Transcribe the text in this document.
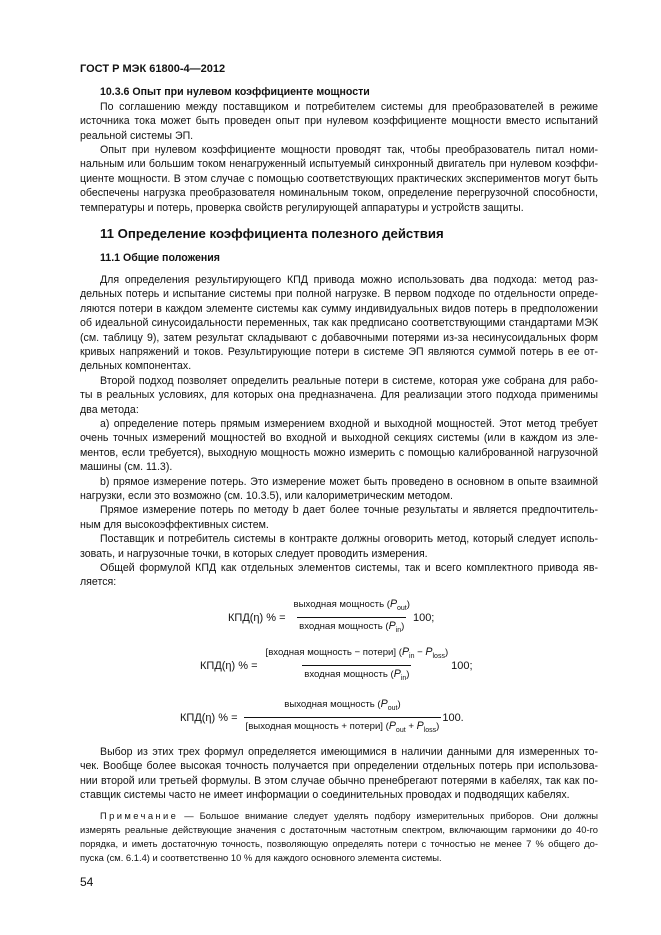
ГОСТ Р МЭК 61800-4—2012
10.3.6 Опыт при нулевом коэффициенте мощности
По соглашению между поставщиком и потребителем системы для преобразователей в режиме
источника тока может быть проведен опыт при нулевом коэффициенте мощности вместо испытаний
реальной системы ЭП.
Опыт при нулевом коэффициенте мощности проводят так, чтобы преобразователь питал номи-
нальным или большим током ненагруженный испытуемый синхронный двигатель при нулевом коэффи-
циенте мощности. В этом случае с помощью соответствующих практических экспериментов могут быть
обеспечены нагрузка преобразователя номинальным током, определение перегрузочной способности,
температуры и потерь, проверка свойств регулирующей аппаратуры и устройств защиты.
11 Определение коэффициента полезного действия
11.1 Общие положения
Для определения результирующего КПД привода можно использовать два подхода: метод раз-
дельных потерь и испытание системы при полной нагрузке. В первом подходе по отдельности опреде-
ляются потери в каждом элементе системы как сумму индивидуальных видов потерь в предположении
об идеальной синусоидальности переменных, так как предписано соответствующими стандартами МЭК
(см. таблицу 9), затем результат складывают с добавочными потерями из-за несинусоидальных форм
кривых напряжений и токов. Результирующие потери в системе ЭП являются суммой потерь в ее от-
дельных компонентах.
Второй подход позволяет определить реальные потери в системе, которая уже собрана для рабо-
ты в реальных условиях, для которых она предназначена. Для реализации этого подхода применимы
два метода:
а) определение потерь прямым измерением входной и выходной мощностей. Этот метод требует
очень точных измерений мощностей во входной и выходной секциях системы (или в каждом из эле-
ментов, если требуется), выходную мощность можно измерить с помощью калиброванной нагрузочной
машины (см. 11.3).
b) прямое измерение потерь. Это измерение может быть проведено в основном в опыте взаимной
нагрузки, если это возможно (см. 10.3.5), или калориметрическим методом.
Прямое измерение потерь по методу b дает более точные результаты и является предпочтитель-
ным для высокоэффективных систем.
Поставщик и потребитель системы в контракте должны оговорить метод, который следует исполь-
зовать, и нагрузочные точки, в которых следует проводить измерения.
Общей формулой КПД как отдельных элементов системы, так и всего комплектного привода яв-
ляется:
КПД(η) % = $\frac{выходная мощность (P_{out})}{входная мощность (P_{in})} 100$;
КПД(η) % = $\frac{[входная мощность - потери] (P_{in} - P_{loss})}{входная мощность (P_{in})} 100$;
КПД(η) % = $\frac{выходная мощность (P_{out})}{[выходная мощность + потери] (P_{out} + P_{loss})} 100$.
Выбор из этих трех формул определяется имеющимися в наличии данными для измеренных то-
чек. Вообще более высокая точность получается при определении отдельных потерь при использова-
нии второй или третьей формулы. В этом случае обычно пренебрегают потерями в кабелях, так как по-
ставщик системы часто не имеет информации о соединительных проводах и подводящих кабелях.
Примечание — Большое внимание следует уделять подбору измерительных приборов. Они должны
измерять реальные действующие значения с достаточным частотным спектром, включающим гармоники до 40-го
порядка, и иметь достаточную точность, позволяющую определять потери с точностью не менее 7 % общего до-
пуска (см. 6.1.4) и соответственно 10 % для каждого основного элемента системы.
54
